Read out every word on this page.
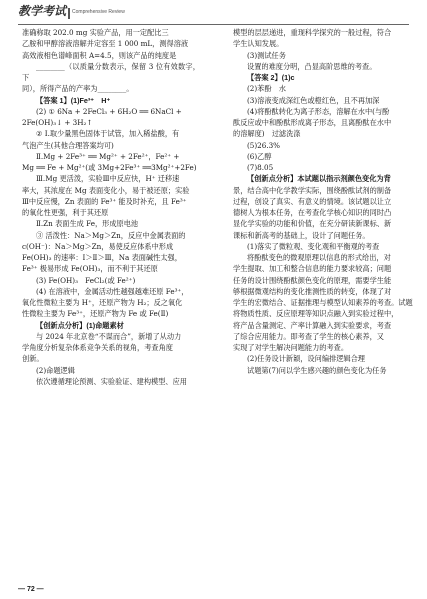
教学考试 Comprehensive Review

准确称取 202.0 mg 实验产品，用一定配比三

乙胺和甲醇溶液溶解并定容至 1 000 mL，测得溶液

高效液相色谱峰面积 A=4.5，则该产品的纯度是

________（以质量分数表示，保留 3 位有效数字，下

同），所得产品的产率为________。

【答案 1】(1)Fe³⁺　H⁺

(2) ① 6Na + 2FeCl₃ + 6H₂O ══ 6NaCl +

2Fe(OH)₃↓ + 3H₂↑

② Ⅰ.取少量黑色固体于试管，加入稀盐酸，有

气泡产生(其他合理答案均可)

Ⅱ.Mg + 2Fe³⁺ ══ Mg²⁺ + 2Fe²⁺，Fe²⁺ +

Mg ══ Fe + Mg²⁺(或 3Mg+2Fe³⁺ ══3Mg²⁺+2Fe)

Ⅲ.Mg 更活泼，实验Ⅲ中反应快，H⁺ 迁移速

率大，其浓度在 Mg 表面变化小，易于被还原；实验

Ⅲ中反应慢，Zn 表面的 Fe³⁺ 能及时补充，且 Fe³⁺

的氧化性更强，利于其还原

Ⅱ.Zn 表面生成 Fe，形成原电池

③ 活泼性：Na＞Mg＞Zn，反应中金属表面的

c(OH⁻)：Na＞Mg＞Zn，易使反应体系中形成

Fe(OH)₃ 的速率：Ⅰ＞Ⅱ＞Ⅲ，Na 表面碱性太强，

Fe³⁺ 极易形成 Fe(OH)₃，而不利于其还原

(3) Fe(OH)₃　FeCl₂(或 Fe²⁺)

(4) 在溶液中，金属活动性越强越难还原 Fe³⁺，

氧化性微粒主要为 H⁺，还原产物为 H₂；反之氧化

性微粒主要为 Fe³⁺，还原产物为 Fe 或 Fe(Ⅱ)

【创新点分析】(1)命题素材

与 2024 年北京卷“不谋而合”，新增了从动力

学角度分析复杂体系竞争关系的视角，考查角度

创新。

(2)命题逻辑

依次遵循理论预测、实验验证、建构模型、应用

模型的层层递进，重现科学探究的一般过程，符合

学生认知发展。

(3)测试任务

设置的难度分明，凸显高阶思维的考查。

【答案 2】(1)c

(2)苯酚　水

(3)溶液变成深红色或橙红色，且不再加深

(4)将酚酞转化为离子形态，溶解在水中(与酚

酞反应或中和酚酞形成离子形态，且离酚酞在水中

的溶解度)　过滤洗涤

(5)26.3%

(6)乙醇

(7)8.05

【创新点分析】本试题以指示剂颜色变化为背

景，结合高中化学教学实际，围绕酚酞试剂的制备

过程，创设了真实、有意义的情境。该试题以让立

德树人为根本任务，在考查化学核心知识的同时凸

显化学实验的功能和价值，在充分研读新课标、新

课标和新高考的基础上，设计了问题任务。

(1)落实了微粒观、变化观和平衡观的考查

将酚酞变色的微观原理以信息的形式给出，对

学生提取、加工和整合信息的能力要求较高；问题

任务的设计围绕酚酞颜色变化的原理，需要学生能

够根据微观结构的变化推测性质的转变，体现了对

学生的宏微结合、证据推理与模型认知素养的考查。试题

将物质性质、反应原理等知识点融入到实验过程中，

将产品含量测定、产率计算融入到实验要求，考查

了综合应用能力。即考查了学生的核心素养，又

实现了对学生解决问题能力的考查。

(2)任务设计新颖，设问编排逻辑合理

试题第(7)问以学生感兴趣的颜色变化为任务

— 72 —
